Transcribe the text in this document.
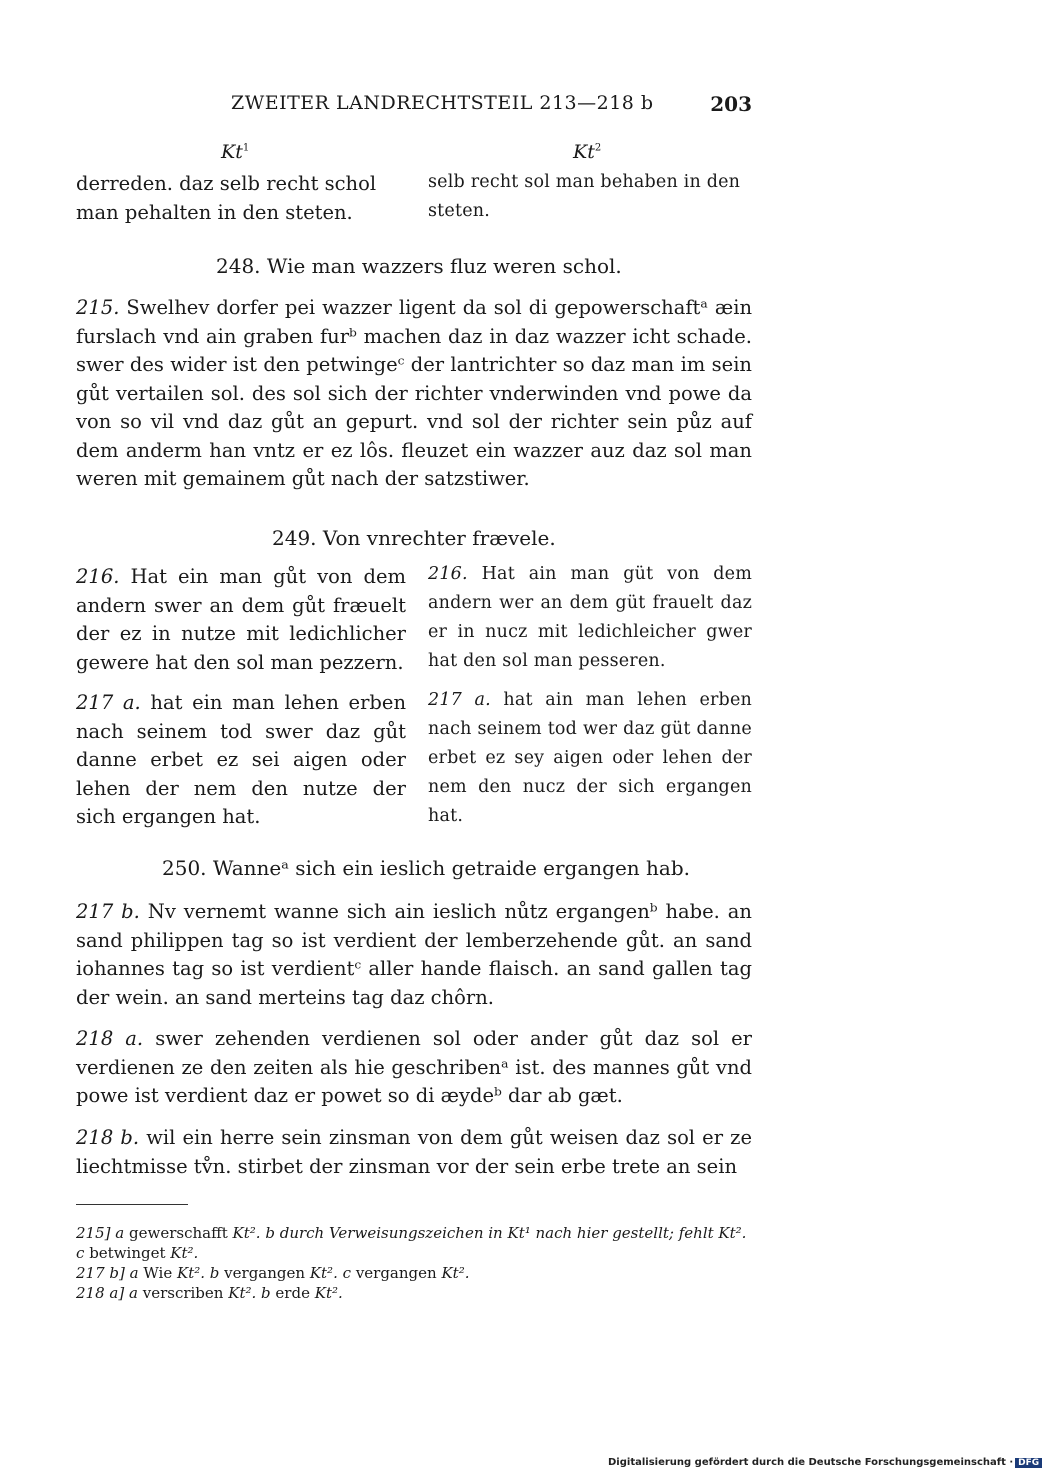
ZWEITER LANDRECHTSTEIL 213—218 b	203
Kt$^1$	Kt$^2$

derreden. daz selb recht schol man pehalten in den steten.

selb recht sol man behaben in den steten.

248. Wie man wazzers fluz weren schol.

215. Swelhev dorfer pei wazzer ligent da sol di gepowerschaftᵃ æin furslach vnd ain graben furᵇ machen daz in daz wazzer icht schade. swer des wider ist den petwingeᶜ der lantrichter so daz man im sein gůt vertailen sol. des sol sich der richter vnderwinden vnd powe da von so vil vnd daz gůt an gepurt. vnd sol der richter sein půz auf dem anderm han vntz er ez lôs. fleuzet ein wazzer auz daz sol man weren mit gemainem gůt nach der satzstiwer.

249. Von vnrechter frævele.

216. Hat ein man gůt von dem andern swer an dem gůt fræuelt der ez in nutze mit ledichlicher gewere hat den sol man pezzern.

216. Hat ain man güt von dem andern wer an dem güt frauelt daz er in nucz mit ledichleicher gwer hat den sol man pesseren.

217 a. hat ein man lehen erben nach seinem tod swer daz gůt danne erbet ez sei aigen oder lehen der nem den nutze der sich ergangen hat.

217 a. hat ain man lehen erben nach seinem tod wer daz güt danne erbet ez sey aigen oder lehen der nem den nucz der sich ergangen hat.

250. Wanneᵃ sich ein ieslich getraide ergangen hab.

217 b. Nv vernemt wanne sich ain ieslich nůtz ergangenᵇ habe. an sand philippen tag so ist verdient der lemberzehende gůt. an sand iohannes tag so ist verdientᶜ aller hande flaisch. an sand gallen tag der wein. an sand merteins tag daz chôrn.

218 a. swer zehenden verdienen sol oder ander gůt daz sol er verdienen ze den zeiten als hie geschribenᵃ ist. des mannes gůt vnd powe ist verdient daz er powet so di æydeᵇ dar ab gæt.

218 b. wil ein herre sein zinsman von dem gůt weisen daz sol er ze liechtmisse tv̊n. stirbet der zinsman vor der sein erbe trete an sein

215] a gewerschafft Kt². b durch Verweisungszeichen in Kt¹ nach hier gestellt; fehlt Kt². c betwinget Kt².

217 b] a Wie Kt². b vergangen Kt². c vergangen Kt².

218 a] a verscriben Kt². b erde Kt².

Digitalisierung gefördert durch die Deutsche Forschungsgemeinschaft · DFG
